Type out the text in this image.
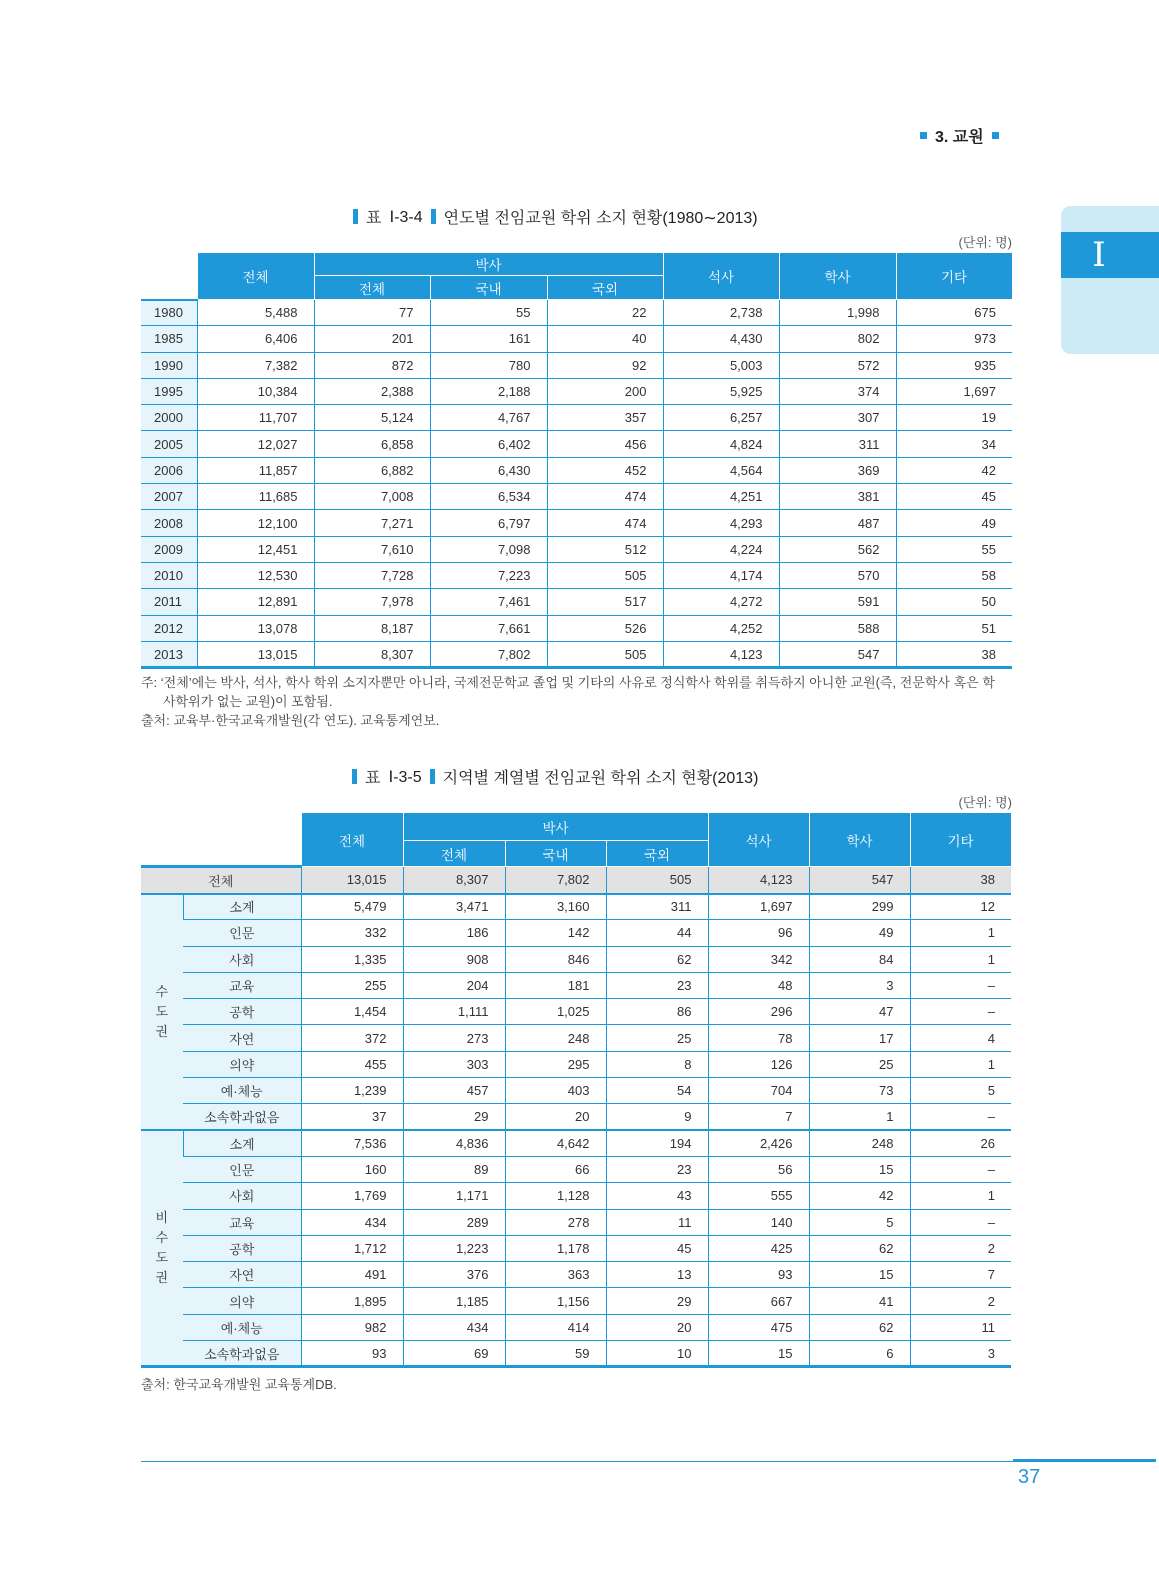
3. 교원
I
표 Ⅰ-3-4 연도별 전임교원 학위 소지 현황(1980∼2013)
(단위: 명)
	전체	박사			석사	학사	기타
		전체	국내	국외			
1980	5,488	77	55	22	2,738	1,998	675
1985	6,406	201	161	40	4,430	802	973
1990	7,382	872	780	92	5,003	572	935
1995	10,384	2,388	2,188	200	5,925	374	1,697
2000	11,707	5,124	4,767	357	6,257	307	19
2005	12,027	6,858	6,402	456	4,824	311	34
2006	11,857	6,882	6,430	452	4,564	369	42
2007	11,685	7,008	6,534	474	4,251	381	45
2008	12,100	7,271	6,797	474	4,293	487	49
2009	12,451	7,610	7,098	512	4,224	562	55
2010	12,530	7,728	7,223	505	4,174	570	58
2011	12,891	7,978	7,461	517	4,272	591	50
2012	13,078	8,187	7,661	526	4,252	588	51
2013	13,015	8,307	7,802	505	4,123	547	38
주: ‘전체’에는 박사, 석사, 학사 학위 소지자뿐만 아니라, 국제전문학교 졸업 및 기타의 사유로 정식학사 학위를 취득하지 아니한 교원(즉, 전문학사 혹은 학
사학위가 없는 교원)이 포함됨.
출처: 교육부·한국교육개발원(각 연도). 교육통계연보.
표 Ⅰ-3-5 지역별 계열별 전임교원 학위 소지 현황(2013)
(단위: 명)
		전체	박사			석사	학사	기타
			전체	국내	국외			
전체		13,015	8,307	7,802	505	4,123	547	38
수
도
권	소계	5,479	3,471	3,160	311	1,697	299	12
	인문	332	186	142	44	96	49	1
	사회	1,335	908	846	62	342	84	1
	교육	255	204	181	23	48	3	–
	공학	1,454	1,111	1,025	86	296	47	–
	자연	372	273	248	25	78	17	4
	의약	455	303	295	8	126	25	1
	예·체능	1,239	457	403	54	704	73	5
	소속학과없음	37	29	20	9	7	1	–
비
수
도
권	소계	7,536	4,836	4,642	194	2,426	248	26
	인문	160	89	66	23	56	15	–
	사회	1,769	1,171	1,128	43	555	42	1
	교육	434	289	278	11	140	5	–
	공학	1,712	1,223	1,178	45	425	62	2
	자연	491	376	363	13	93	15	7
	의약	1,895	1,185	1,156	29	667	41	2
	예·체능	982	434	414	20	475	62	11
	소속학과없음	93	69	59	10	15	6	3
출처: 한국교육개발원 교육통계DB.
37
